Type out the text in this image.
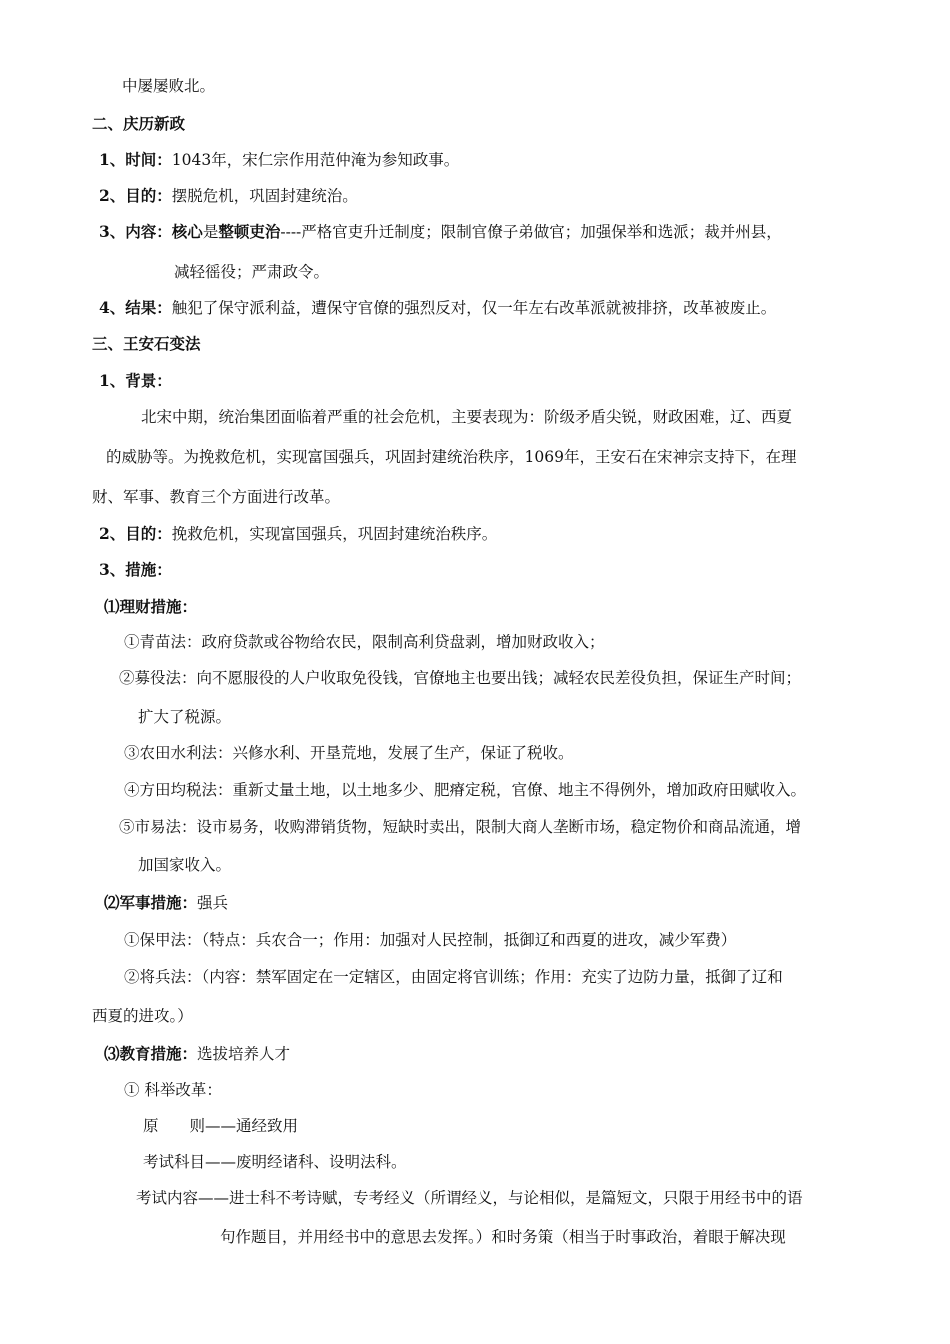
中屡屡败北。
二、庆历新政
1、时间：1043年，宋仁宗作用范仲淹为参知政事。
2、目的：摆脱危机，巩固封建统治。
3、内容：核心是整顿吏治----严格官吏升迁制度；限制官僚子弟做官；加强保举和选派；裁并州县，
减轻徭役；严肃政令。
4、结果：触犯了保守派利益，遭保守官僚的强烈反对，仅一年左右改革派就被排挤，改革被废止。
三、王安石变法
1、背景：
北宋中期，统治集团面临着严重的社会危机，主要表现为：阶级矛盾尖锐，财政困难，辽、西夏
的威胁等。为挽救危机，实现富国强兵，巩固封建统治秩序，1069年，王安石在宋神宗支持下，在理
财、军事、教育三个方面进行改革。
2、目的：挽救危机，实现富国强兵，巩固封建统治秩序。
3、措施：
⑴理财措施：
①青苗法：政府贷款或谷物给农民，限制高利贷盘剥，增加财政收入；
②募役法：向不愿服役的人户收取免役钱，官僚地主也要出钱；减轻农民差役负担，保证生产时间；
扩大了税源。
③农田水利法：兴修水利、开垦荒地，发展了生产，保证了税收。
④方田均税法：重新丈量土地，以土地多少、肥瘠定税，官僚、地主不得例外，增加政府田赋收入。
⑤市易法：设市易务，收购滞销货物，短缺时卖出，限制大商人垄断市场，稳定物价和商品流通，增
加国家收入。
⑵军事措施：强兵
①保甲法：（特点：兵农合一；作用：加强对人民控制，抵御辽和西夏的进攻，减少军费）
②将兵法：（内容：禁军固定在一定辖区，由固定将官训练；作用：充实了边防力量，抵御了辽和
西夏的进攻。）
⑶教育措施：选拔培养人才
① 科举改革：
原　　则——通经致用
考试科目——废明经诸科、设明法科。
考试内容——进士科不考诗赋，专考经义（所谓经义，与论相似，是篇短文，只限于用经书中的语
句作题目，并用经书中的意思去发挥。）和时务策（相当于时事政治，着眼于解决现
